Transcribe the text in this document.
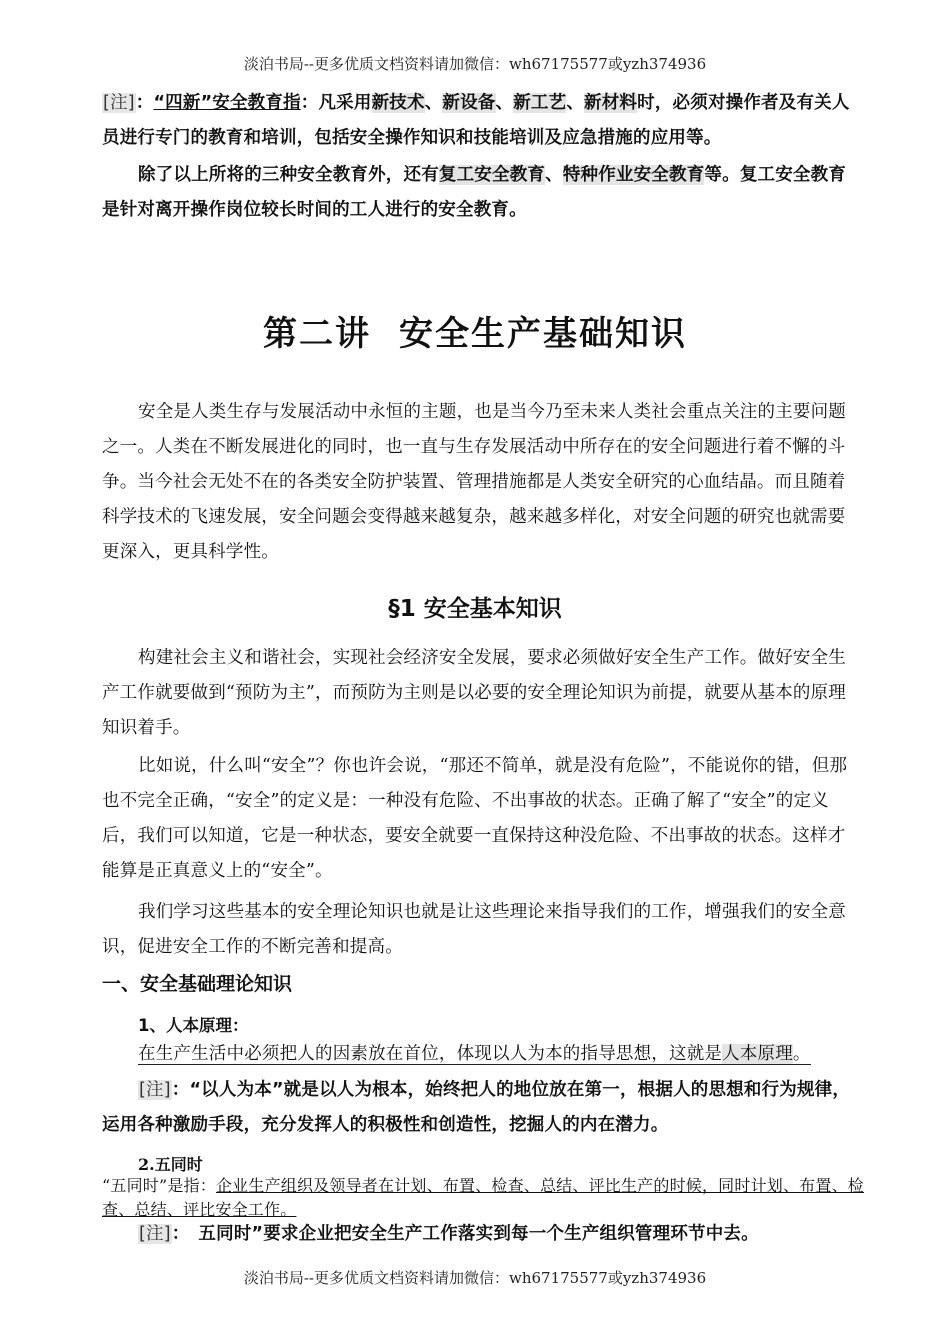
淡泊书局--更多优质文档资料请加微信：wh67175577或yzh374936

[注]：“四新”安全教育指：凡采用新技术、新设备、新工艺、新材料时，必须对操作者及有关人员进行专门的教育和培训，包括安全操作知识和技能培训及应急措施的应用等。

除了以上所将的三种安全教育外，还有复工安全教育、特种作业安全教育等。复工安全教育是针对离开操作岗位较长时间的工人进行的安全教育。

第二讲 安全生产基础知识

安全是人类生存与发展活动中永恒的主题，也是当今乃至未来人类社会重点关注的主要问题之一。人类在不断发展进化的同时，也一直与生存发展活动中所存在的安全问题进行着不懈的斗争。当今社会无处不在的各类安全防护装置、管理措施都是人类安全研究的心血结晶。而且随着科学技术的飞速发展，安全问题会变得越来越复杂，越来越多样化，对安全问题的研究也就需要更深入，更具科学性。

§1 安全基本知识

构建社会主义和谐社会，实现社会经济安全发展，要求必须做好安全生产工作。做好安全生产工作就要做到“预防为主”，而预防为主则是以必要的安全理论知识为前提，就要从基本的原理知识着手。

比如说，什么叫“安全”？你也许会说，“那还不简单，就是没有危险”，不能说你的错，但那也不完全正确，“安全”的定义是：一种没有危险、不出事故的状态。正确了解了“安全”的定义后，我们可以知道，它是一种状态，要安全就要一直保持这种没危险、不出事故的状态。这样才能算是正真意义上的“安全”。

我们学习这些基本的安全理论知识也就是让这些理论来指导我们的工作，增强我们的安全意识，促进安全工作的不断完善和提高。

一、安全基础理论知识
1、人本原理：

在生产生活中必须把人的因素放在首位，体现以人为本的指导思想，这就是人本原理。

[注]：“以人为本”就是以人为根本，始终把人的地位放在第一，根据人的思想和行为规律，运用各种激励手段，充分发挥人的积极性和创造性，挖掘人的内在潜力。

2.五同时

“五同时”是指：企业生产组织及领导者在计划、布置、检查、总结、评比生产的时候，同时计划、布置、检查、总结、评比安全工作。

[注]：　五同时”要求企业把安全生产工作落实到每一个生产组织管理环节中去。

淡泊书局--更多优质文档资料请加微信：wh67175577或yzh374936
